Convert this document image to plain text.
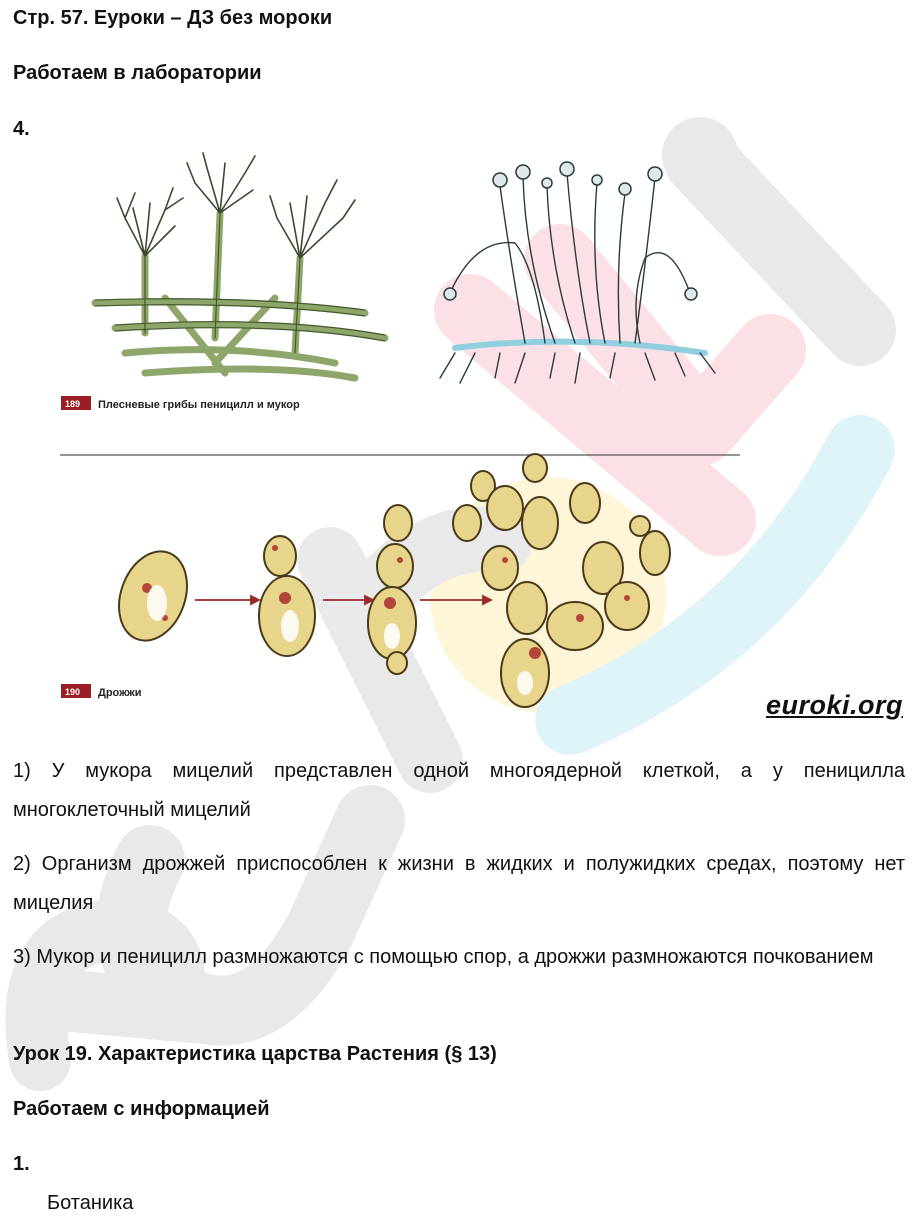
Стр. 57. Еуроки – ДЗ без мороки
Работаем в лаборатории
4.
189 Плесневые грибы пеницилл и мукор
190 Дрожжи	euroki.org
1) У мукора мицелий представлен одной многоядерной клеткой, а у пеницилла многоклеточный мицелий
2) Организм дрожжей приспособлен к жизни в жидких и полужидких средах, поэтому нет мицелия
3) Мукор и пеницилл размножаются с помощью спор, а дрожжи размножаются почкованием
Урок 19. Характеристика царства Растения (§ 13)
Работаем с информацией
1.
Ботаника
